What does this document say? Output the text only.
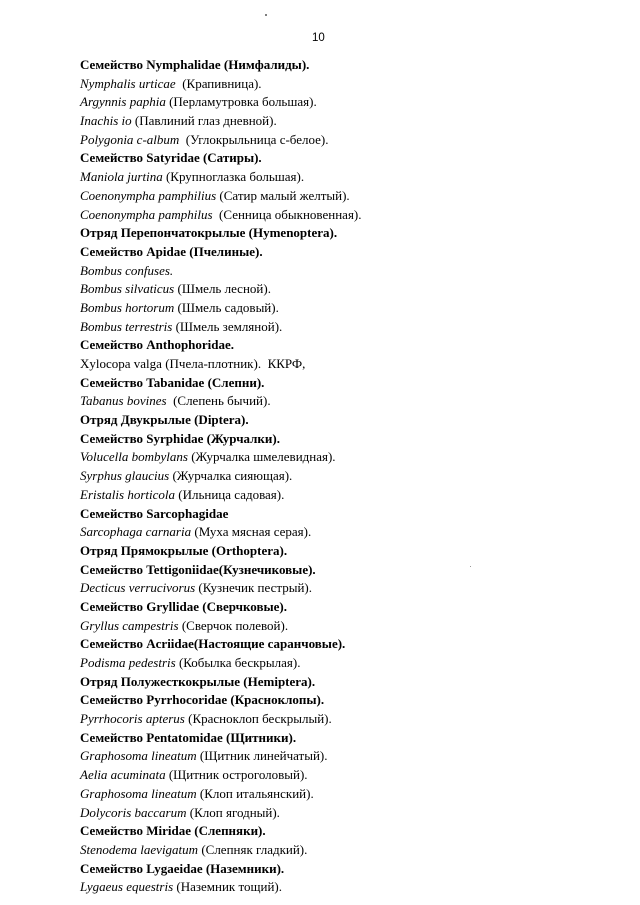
10
Семейство Nymphalidae (Нимфалиды).
Nymphalis urticae  (Крапивница).
Argynnis paphia (Перламутровка большая).
Inachis io (Павлиний глаз дневной).
Polygonia c-album  (Углокрыльница с-белое).
Семейство Satyridae (Сатиры).
Maniola jurtina (Крупноглазка большая).
Coenonympha pamphilius (Сатир малый желтый).
Coenonympha pamphilus  (Сенница обыкновенная).
Отряд Перепончатокрылые (Hymenoptera).
Семейство Apidae (Пчелиные).
Bombus confuses.
Bombus silvaticus (Шмель лесной).
Bombus hortorum (Шмель садовый).
Bombus terrestris (Шмель земляной).
Семейство Anthophoridae.
Xylocopa valga (Пчела-плотник).  ККРФ,
Семейство Tabanidae (Слепни).
Tabanus bovines  (Слепень бычий).
Отряд Двукрылые (Diptera).
Семейство Syrphidae (Журчалки).
Volucella bombylans (Журчалка шмелевидная).
Syrphus glaucius (Журчалка сияющая).
Eristalis horticola (Ильница садовая).
Семейство Sarcophagidae
Sarcophaga carnaria (Муха мясная серая).
Отряд Прямокрылые (Orthoptera).
Семейство Tettigoniidae(Кузнечиковые).
Decticus verrucivorus (Кузнечик пестрый).
Семейство Gryllidae (Сверчковые).
Gryllus campestris (Сверчок полевой).
Семейство Acriidae(Настоящие саранчовые).
Podisma pedestris (Кобылка бескрылая).
Отряд Полужесткокрылые (Hemiptera).
Семейство Pyrrhocoridae (Красноклопы).
Pyrrhocoris apterus (Красноклоп бескрылый).
Семейство Pentatomidae (Щитники).
Graphosoma lineatum (Щитник линейчатый).
Aelia acuminata (Щитник остроголовый).
Graphosoma lineatum (Клоп итальянский).
Dolycoris baccarum (Клоп ягодный).
Семейство Miridae (Слепняки).
Stenodema laevigatum (Слепняк гладкий).
Семейство Lygaeidae (Наземники).
Lygaeus equestris (Наземник тощий).
